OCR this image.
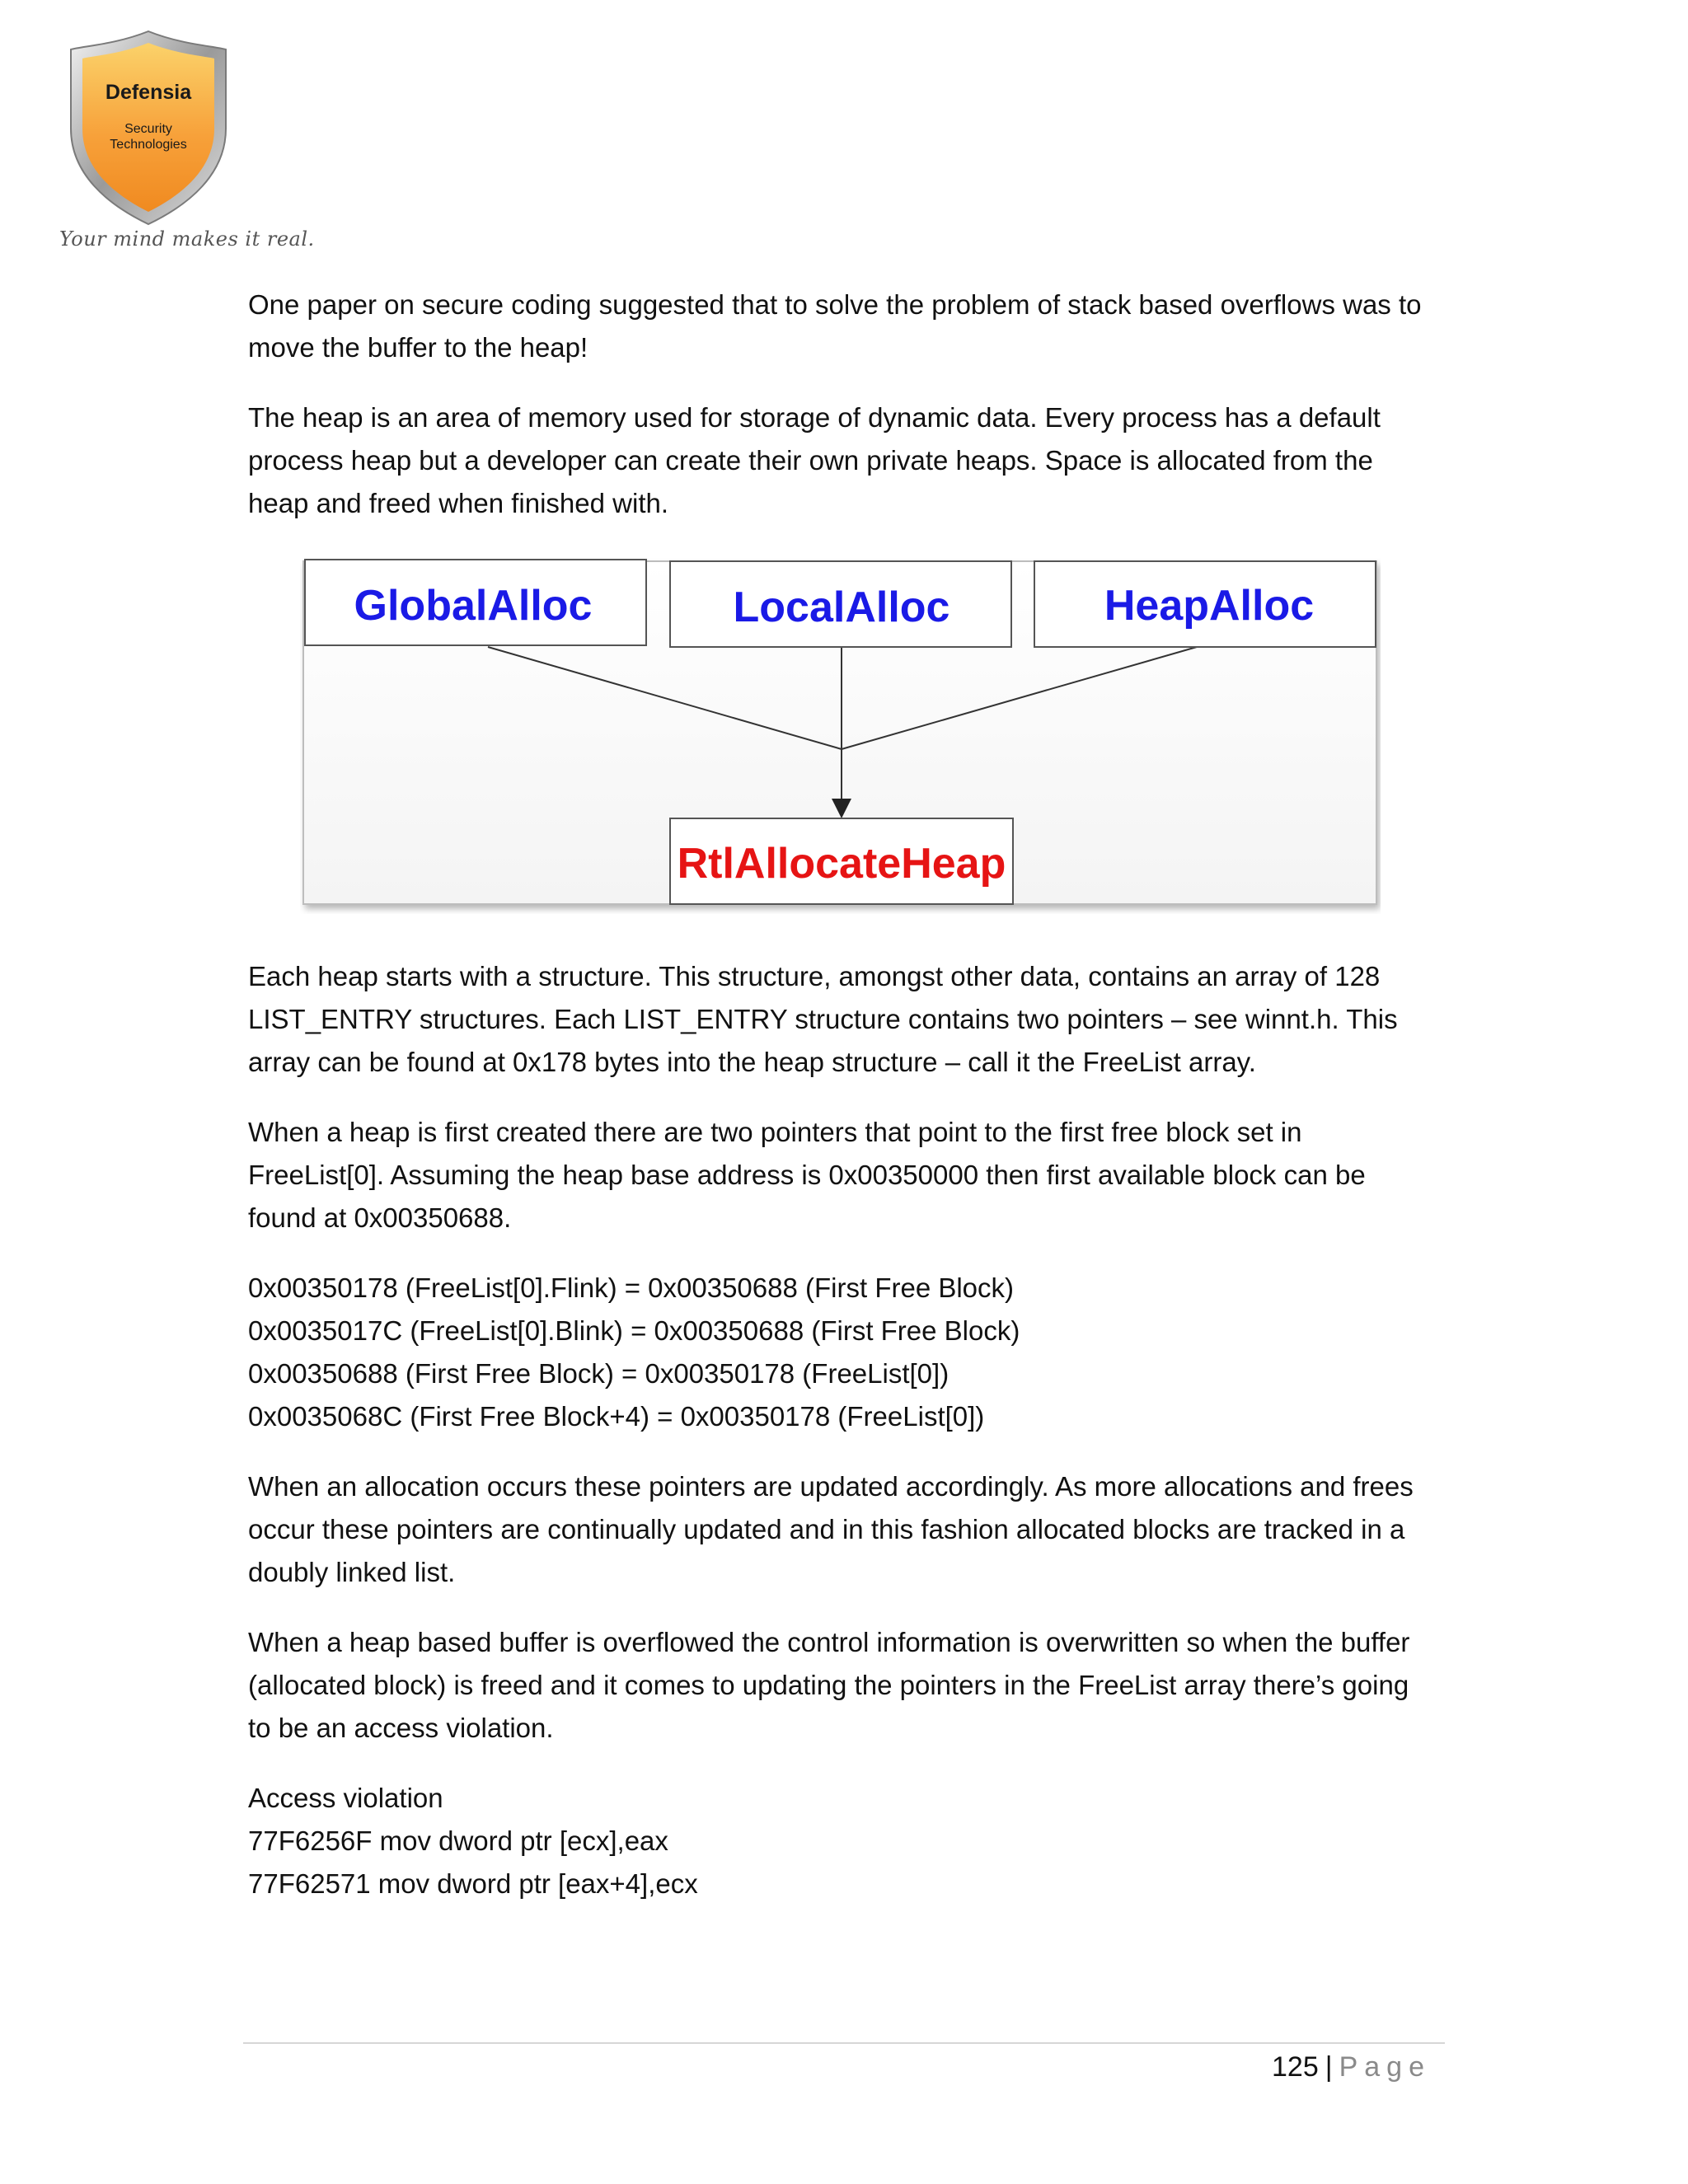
Defensia
Security
Technologies
Your mind makes it real.

One paper on secure coding suggested that to solve the problem of stack based overflows was to move the buffer to the heap!

The heap is an area of memory used for storage of dynamic data. Every process has a default process heap but a developer can create their own private heaps. Space is allocated from the heap and freed when finished with.

GlobalAlloc	LocalAlloc	HeapAlloc
RtlAllocateHeap

Each heap starts with a structure. This structure, amongst other data, contains an array of 128 LIST_ENTRY structures. Each LIST_ENTRY structure contains two pointers – see winnt.h. This array can be found at 0x178 bytes into the heap structure – call it the FreeList array.

When a heap is first created there are two pointers that point to the first free block set in FreeList[0]. Assuming the heap base address is 0x00350000 then first available block can be found at 0x00350688.

0x00350178 (FreeList[0].Flink) = 0x00350688 (First Free Block)
0x0035017C (FreeList[0].Blink) = 0x00350688 (First Free Block)
0x00350688 (First Free Block) = 0x00350178 (FreeList[0])
0x0035068C (First Free Block+4) = 0x00350178 (FreeList[0])

When an allocation occurs these pointers are updated accordingly. As more allocations and frees occur these pointers are continually updated and in this fashion allocated blocks are tracked in a doubly linked list.

When a heap based buffer is overflowed the control information is overwritten so when the buffer (allocated block) is freed and it comes to updating the pointers in the FreeList array there’s going to be an access violation.

Access violation
77F6256F mov dword ptr [ecx],eax
77F62571 mov dword ptr [eax+4],ecx

125 | Page
